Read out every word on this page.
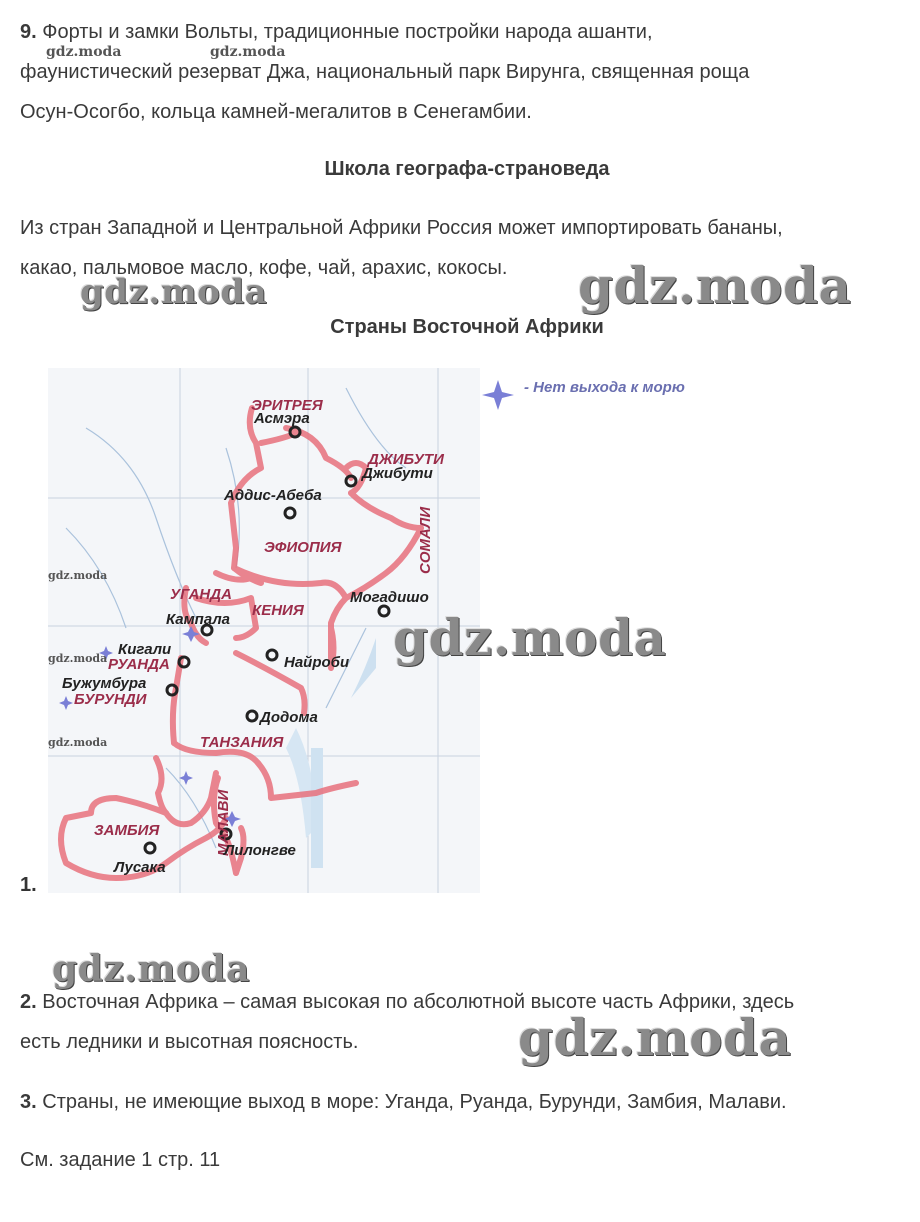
9. Форты и замки Вольты, традиционные постройки народа ашанти,
фаунистический резерват Джа, национальный парк Вирунга, священная роща
Осун-Осогбо, кольца камней-мегалитов в Сенегамбии.
gdz.moda	gdz.moda
Школа географа-страноведа
Из стран Западной и Центральной Африки Россия может импортировать бананы,
какао, пальмовое масло, кофе, чай, арахис, кокосы.
gdz.moda	gdz.moda
Страны Восточной Африки
- Нет выхода к морю
ЭРИТРЕЯ
ДЖИБУТИ
ЭФИОПИЯ	СОМАЛИ
УГАНДА
КЕНИЯ
РУАНДА
БУРУНДИ
ТАНЗАНИЯ
ЗАМБИЯ	МАЛАВИ
Асмэра
Джибути
Аддис-Абеба
Могадишо
Кампала
Кигали
Найроби
Бужумбура
Додома
Лусака
Лилонгве
gdz.moda
gdz.moda
gdz.moda
gdz.moda
1.
gdz.moda
2. Восточная Африка – самая высокая по абсолютной высоте часть Африки, здесь
есть ледники и высотная поясность.	gdz.moda
3. Страны, не имеющие выход в море: Уганда, Руанда, Бурунди, Замбия, Малави.
См. задание 1 стр. 11
